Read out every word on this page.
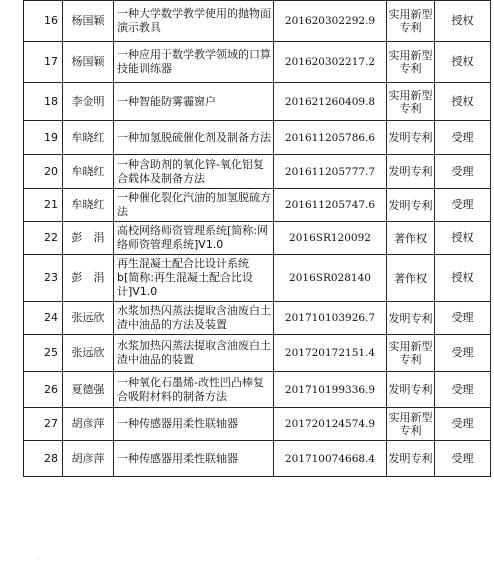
16	杨国颖	一种大学数学教学使用的抛物面演示教具	201620302292.9	实用新型专利	授权
17	杨国颖	一种应用于数学教学领域的口算技能训练器	201620302217.2	实用新型专利	授权
18	李金明	一种智能防雾霾窗户	201621260409.8	实用新型专利	授权
19	牟晓红	一种加氢脱硫催化剂及制备方法	201611205786.6	发明专利	受理
20	牟晓红	一种含助剂的氧化锌-氧化铝复合载体及制备方法	201611205777.7	发明专利	受理
21	牟晓红	一种催化裂化汽油的加氢脱硫方法	201611205747.6	发明专利	受理
22	彭　涓	高校网络师资管理系统[简称:网络师资管理系统]V1.0	2016SR120092	著作权	授权
23	彭　涓	再生混凝土配合比设计系统b[简称:再生混凝土配合比设计]V1.0	2016SR028140	著作权	授权
24	张远欣	水浆加热闪蒸法提取含油废白土渣中油品的方法及装置	201710103926.7	发明专利	受理
25	张远欣	水浆加热闪蒸法提取含油废白土渣中油品的装置	201720172151.4	实用新型专利	受理
26	夏德强	一种氧化石墨烯-改性凹凸棒复合吸附材料的制备方法	201710199336.9	发明专利	受理
27	胡彦萍	一种传感器用柔性联轴器	201720124574.9	实用新型专利	受理
28	胡彦萍	一种传感器用柔性联轴器	201710074668.4	发明专利	受理
·
